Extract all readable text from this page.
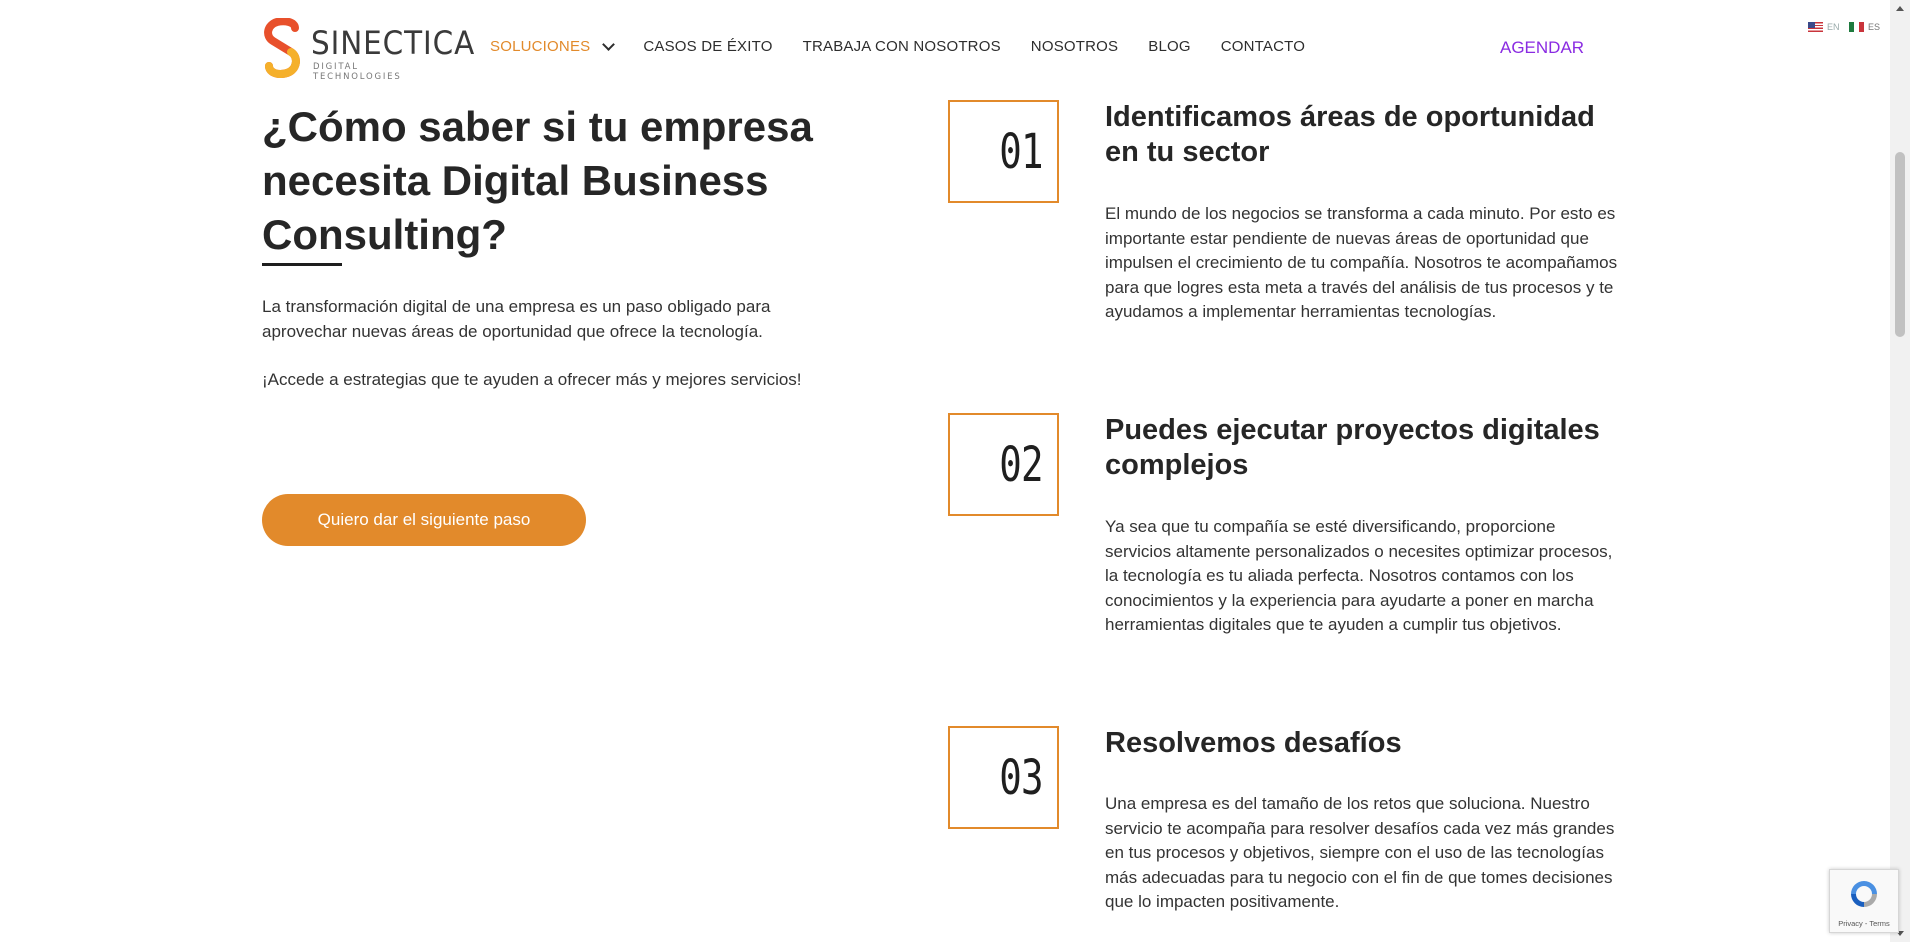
SINECTICA
DIGITAL TECHNOLOGIES
SOLUCIONES	CASOS DE ÉXITO TRABAJA CON NOSOTROS NOSOTROS BLOG CONTACTO	AGENDAR
EN	ES
¿Cómo saber si tu empresa necesita Digital Business Consulting?

La transformación digital de una empresa es un paso obligado para aprovechar nuevas áreas de oportunidad que ofrece la tecnología.

¡Accede a estrategias que te ayuden a ofrecer más y mejores servicios!

Quiero dar el siguiente paso
01
Identificamos áreas de oportunidad en tu sector

El mundo de los negocios se transforma a cada minuto. Por esto es importante estar pendiente de nuevas áreas de oportunidad que impulsen el crecimiento de tu compañía. Nosotros te acompañamos para que logres esta meta a través del análisis de tus procesos y te ayudamos a implementar herramientas tecnologías.

02
Puedes ejecutar proyectos digitales complejos

Ya sea que tu compañía se esté diversificando, proporcione servicios altamente personalizados o necesites optimizar procesos, la tecnología es tu aliada perfecta. Nosotros contamos con los conocimientos y la experiencia para ayudarte a poner en marcha herramientas digitales que te ayuden a cumplir tus objetivos.

03
Resolvemos desafíos

Una empresa es del tamaño de los retos que soluciona. Nuestro servicio te acompaña para resolver desafíos cada vez más grandes en tus procesos y objetivos, siempre con el uso de las tecnologías más adecuadas para tu negocio con el fin de que tomes decisiones que lo impacten positivamente.

Privacy - Terms
